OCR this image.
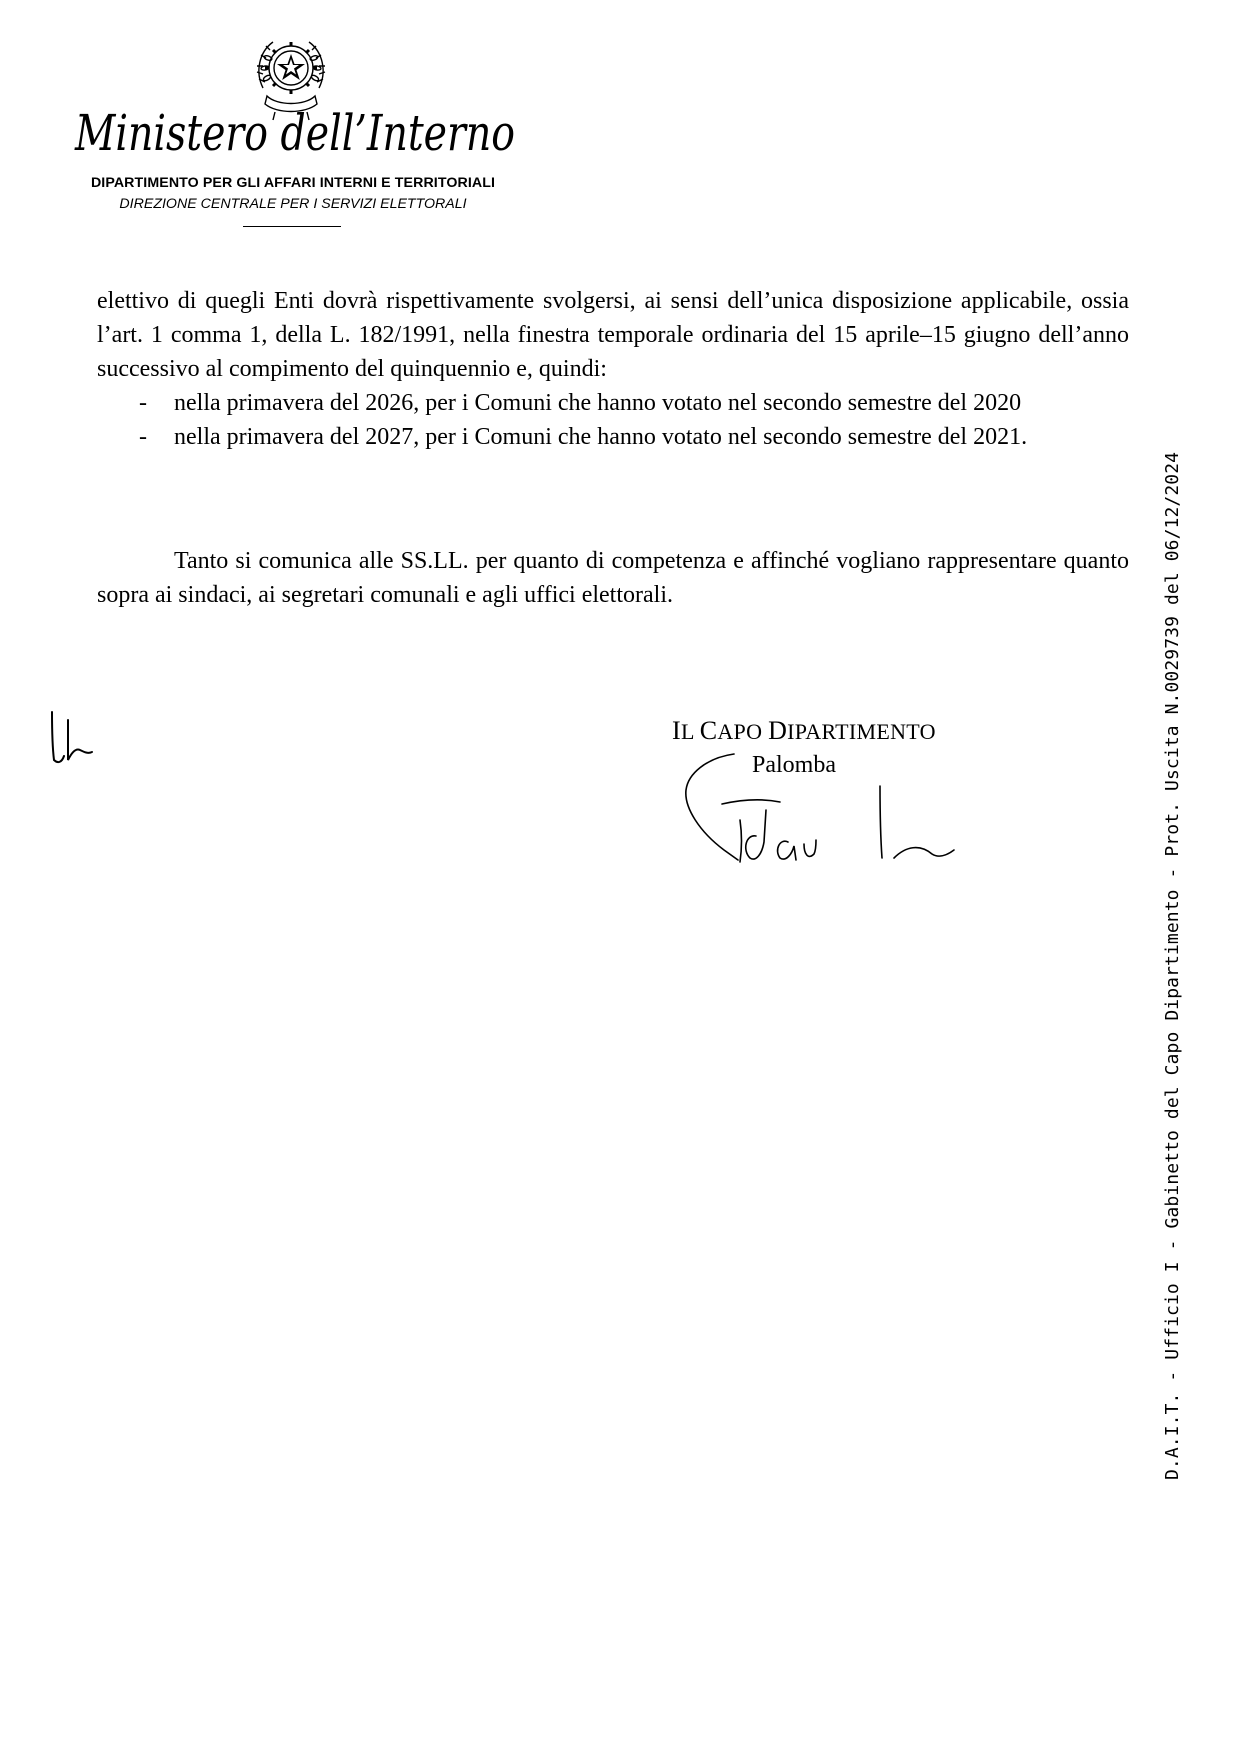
Ministero dell’Interno
DIPARTIMENTO PER GLI AFFARI INTERNI E TERRITORIALI
DIREZIONE CENTRALE PER I SERVIZI ELETTORALI
elettivo di quegli Enti dovrà rispettivamente svolgersi, ai sensi dell’unica disposizione applicabile, ossia l’art. 1 comma 1, della L. 182/1991, nella finestra temporale ordinaria del 15 aprile–15 giugno dell’anno successivo al compimento del quinquennio e, quindi:
- nella primavera del 2026, per i Comuni che hanno votato nel secondo semestre del 2020
- nella primavera del 2027, per i Comuni che hanno votato nel secondo semestre del 2021.
Tanto si comunica alle SS.LL. per quanto di competenza e affinché vogliano rappresentare quanto sopra ai sindaci, ai segretari comunali e agli uffici elettorali.
IL CAPO DIPARTIMENTO
Palomba	D.A.I.T. - Ufficio I - Gabinetto del Capo Dipartimento - Prot. Uscita N.0029739 del 06/12/2024
